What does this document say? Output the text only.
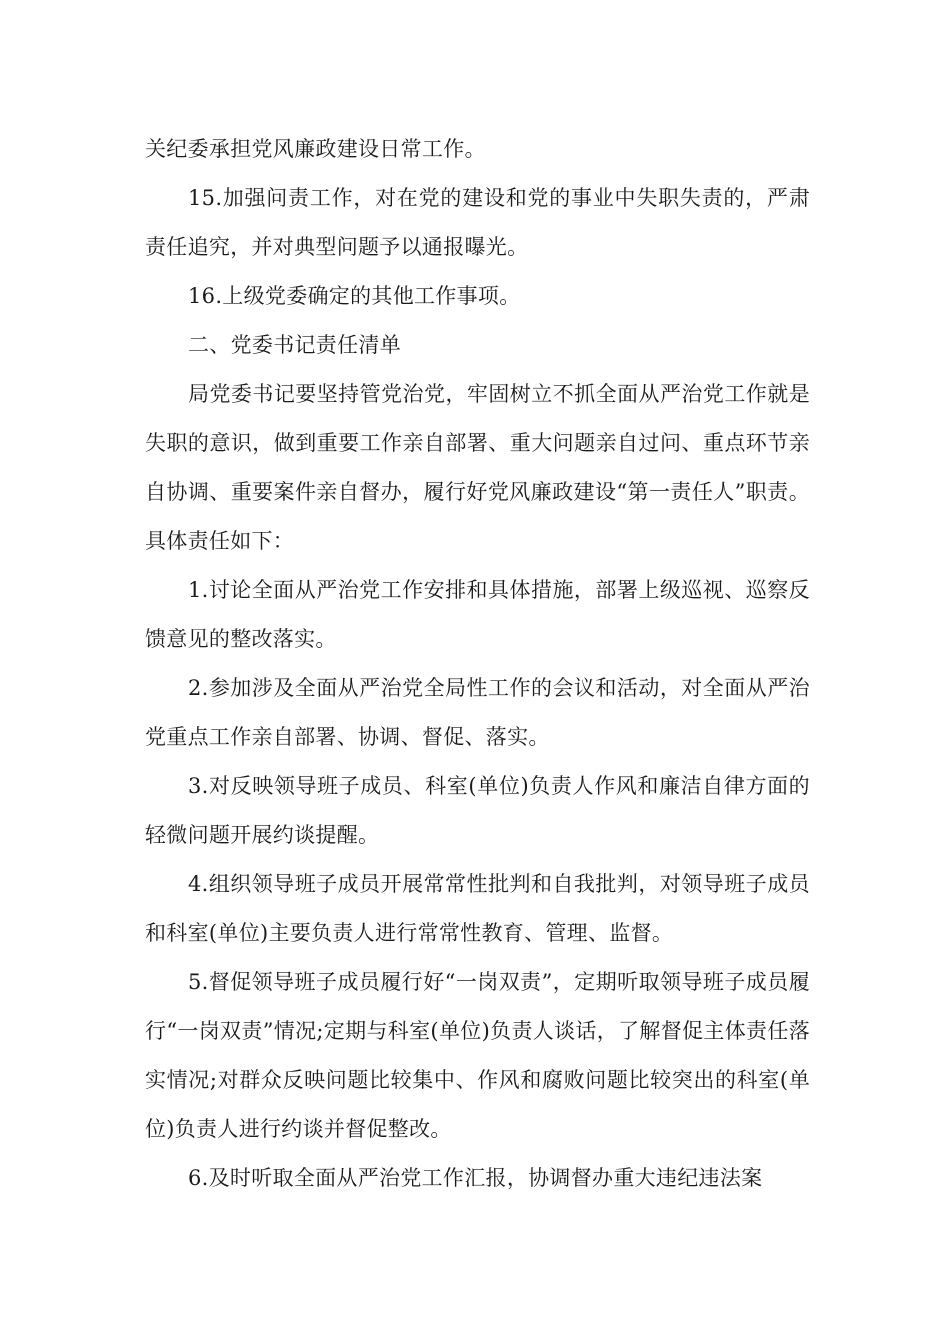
关纪委承担党风廉政建设日常工作。

15.加强问责工作，对在党的建设和党的事业中失职失责的，严肃责任追究，并对典型问题予以通报曝光。

16.上级党委确定的其他工作事项。

二、党委书记责任清单

局党委书记要坚持管党治党，牢固树立不抓全面从严治党工作就是失职的意识，做到重要工作亲自部署、重大问题亲自过问、重点环节亲自协调、重要案件亲自督办，履行好党风廉政建设“第一责任人”职责。具体责任如下：

1.讨论全面从严治党工作安排和具体措施，部署上级巡视、巡察反馈意见的整改落实。

2.参加涉及全面从严治党全局性工作的会议和活动，对全面从严治党重点工作亲自部署、协调、督促、落实。

3.对反映领导班子成员、科室(单位)负责人作风和廉洁自律方面的轻微问题开展约谈提醒。

4.组织领导班子成员开展常常性批判和自我批判，对领导班子成员和科室(单位)主要负责人进行常常性教育、管理、监督。

5.督促领导班子成员履行好“一岗双责”，定期听取领导班子成员履行“一岗双责”情况;定期与科室(单位)负责人谈话，了解督促主体责任落实情况;对群众反映问题比较集中、作风和腐败问题比较突出的科室(单位)负责人进行约谈并督促整改。

6.及时听取全面从严治党工作汇报，协调督办重大违纪违法案
